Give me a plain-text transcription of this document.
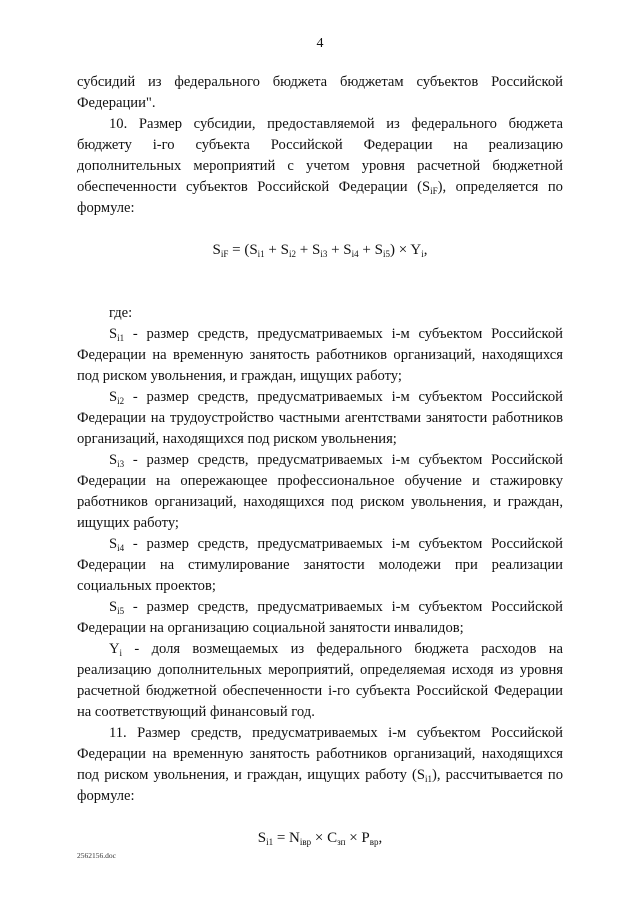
4

субсидий из федерального бюджета бюджетам субъектов Российской Федерации".

10. Размер субсидии, предоставляемой из федерального бюджета бюджету i-го субъекта Российской Федерации на реализацию дополнительных мероприятий с учетом уровня расчетной бюджетной обеспеченности субъектов Российской Федерации $(S_{iF})$, определяется по формуле:

$S_{iF} = (S_{i1} + S_{i2} + S_{i3} + S_{i4} + S_{i5}) \times Y_i$,

где:

$S_{i1}$ - размер средств, предусматриваемых i-м субъектом Российской Федерации на временную занятость работников организаций, находящихся под риском увольнения, и граждан, ищущих работу;

$S_{i2}$ - размер средств, предусматриваемых i-м субъектом Российской Федерации на трудоустройство частными агентствами занятости работников организаций, находящихся под риском увольнения;

$S_{i3}$ - размер средств, предусматриваемых i-м субъектом Российской Федерации на опережающее профессиональное обучение и стажировку работников организаций, находящихся под риском увольнения, и граждан, ищущих работу;

$S_{i4}$ - размер средств, предусматриваемых i-м субъектом Российской Федерации на стимулирование занятости молодежи при реализации социальных проектов;

$S_{i5}$ - размер средств, предусматриваемых i-м субъектом Российской Федерации на организацию социальной занятости инвалидов;

$Y_i$ - доля возмещаемых из федерального бюджета расходов на реализацию дополнительных мероприятий, определяемая исходя из уровня расчетной бюджетной обеспеченности i-го субъекта Российской Федерации на соответствующий финансовый год.

11. Размер средств, предусматриваемых i-м субъектом Российской Федерации на временную занятость работников организаций, находящихся под риском увольнения, и граждан, ищущих работу $(S_{i1})$, рассчитывается по формуле:

$S_{i1} = N_{івр} \times C_{зп} \times P_{вр}$,
2562156.doc
